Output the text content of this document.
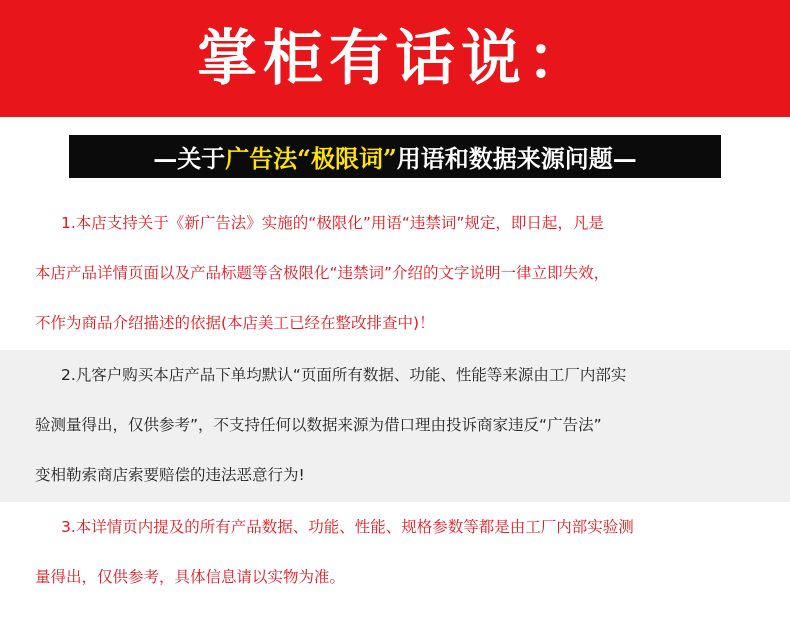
掌柜有话说：
—关于 广告法“极限词” 用语和数据来源问题—
1.本店支持关于《新广告法》实施的“极限化”用语“违禁词”规定，即日起，凡是
本店产品详情页面以及产品标题等含极限化“违禁词”介绍的文字说明一律立即失效，
不作为商品介绍描述的依据(本店美工已经在整改排查中)！
2.凡客户购买本店产品下单均默认“页面所有数据、功能、性能等来源由工厂内部实
验测量得出，仅供参考”，不支持任何以数据来源为借口理由投诉商家违反“广告法”
变相勒索商店索要赔偿的违法恶意行为!
3.本详情页内提及的所有产品数据、功能、性能、规格参数等都是由工厂内部实验测
量得出，仅供参考，具体信息请以实物为准。
